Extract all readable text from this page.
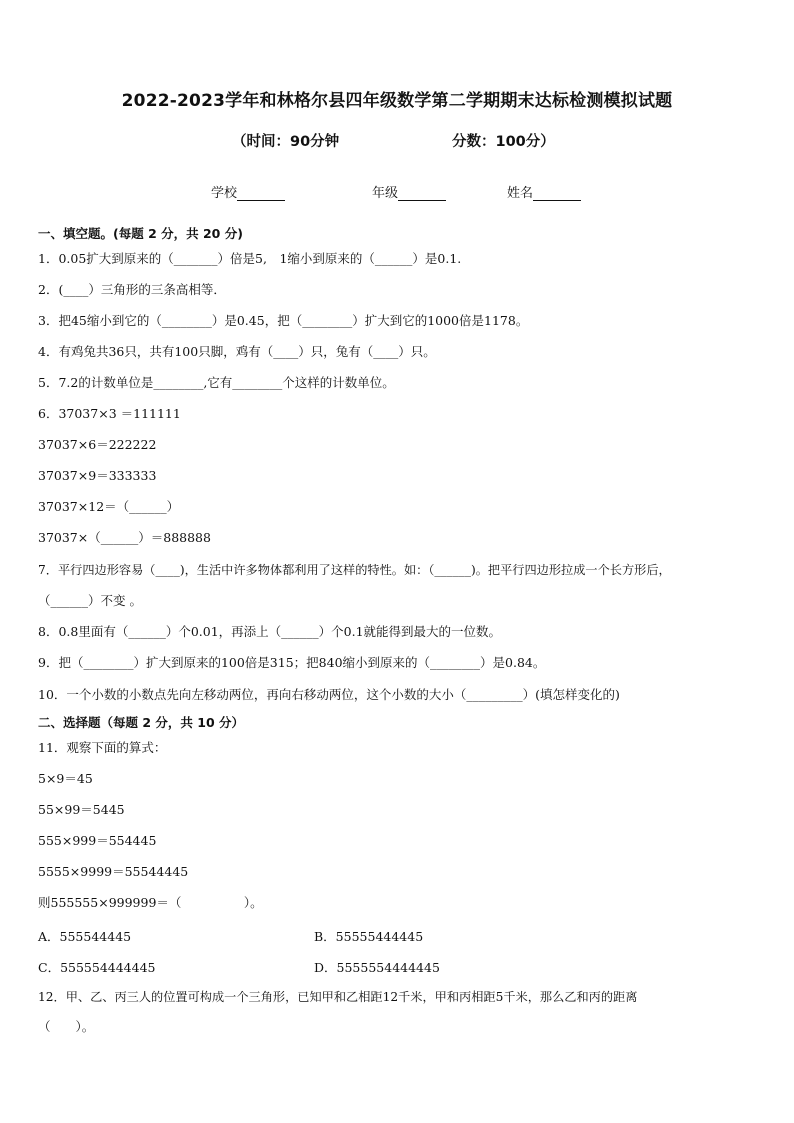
2022-2023学年和林格尔县四年级数学第二学期期末达标检测模拟试题
（时间：90分钟	分数：100分）
学校	年级	姓名
一、填空题。(每题 2 分，共 20 分)
1．0.05扩大到原来的（_______）倍是5,　1缩小到原来的（______）是0.1.
2．(____）三角形的三条高相等．
3．把45缩小到它的（________）是0.45，把（________）扩大到它的1000倍是1178。
4．有鸡兔共36只，共有100只脚，鸡有（____）只，兔有（____）只。
5．7.2的计数单位是________,它有________个这样的计数单位。
6．37037×3 ＝111111
37037×6＝222222
37037×9＝333333
37037×12＝（______）
37037×（______）＝888888
7．平行四边形容易（____)，生活中许多物体都利用了这样的特性。如：（______)。把平行四边形拉成一个长方形后，
（______）不变 。
8．0.8里面有（______）个0.01，再添上（______）个0.1就能得到最大的一位数。
9．把（________）扩大到原来的100倍是315；把840缩小到原来的（________）是0.84。
10．一个小数的小数点先向左移动两位，再向右移动两位，这个小数的大小（_________）(填怎样变化的)
二、选择题（每题 2 分，共 10 分）
11．观察下面的算式：
5×9＝45
55×99＝5445
555×999＝554445
5555×9999＝55544445
则555555×999999＝（　　　　　）。
A．555544445	B．55555444445
C．555554444445	D．5555554444445
12．甲、乙、丙三人的位置可构成一个三角形，已知甲和乙相距12千米，甲和丙相距5千米，那么乙和丙的距离
（　　）。
